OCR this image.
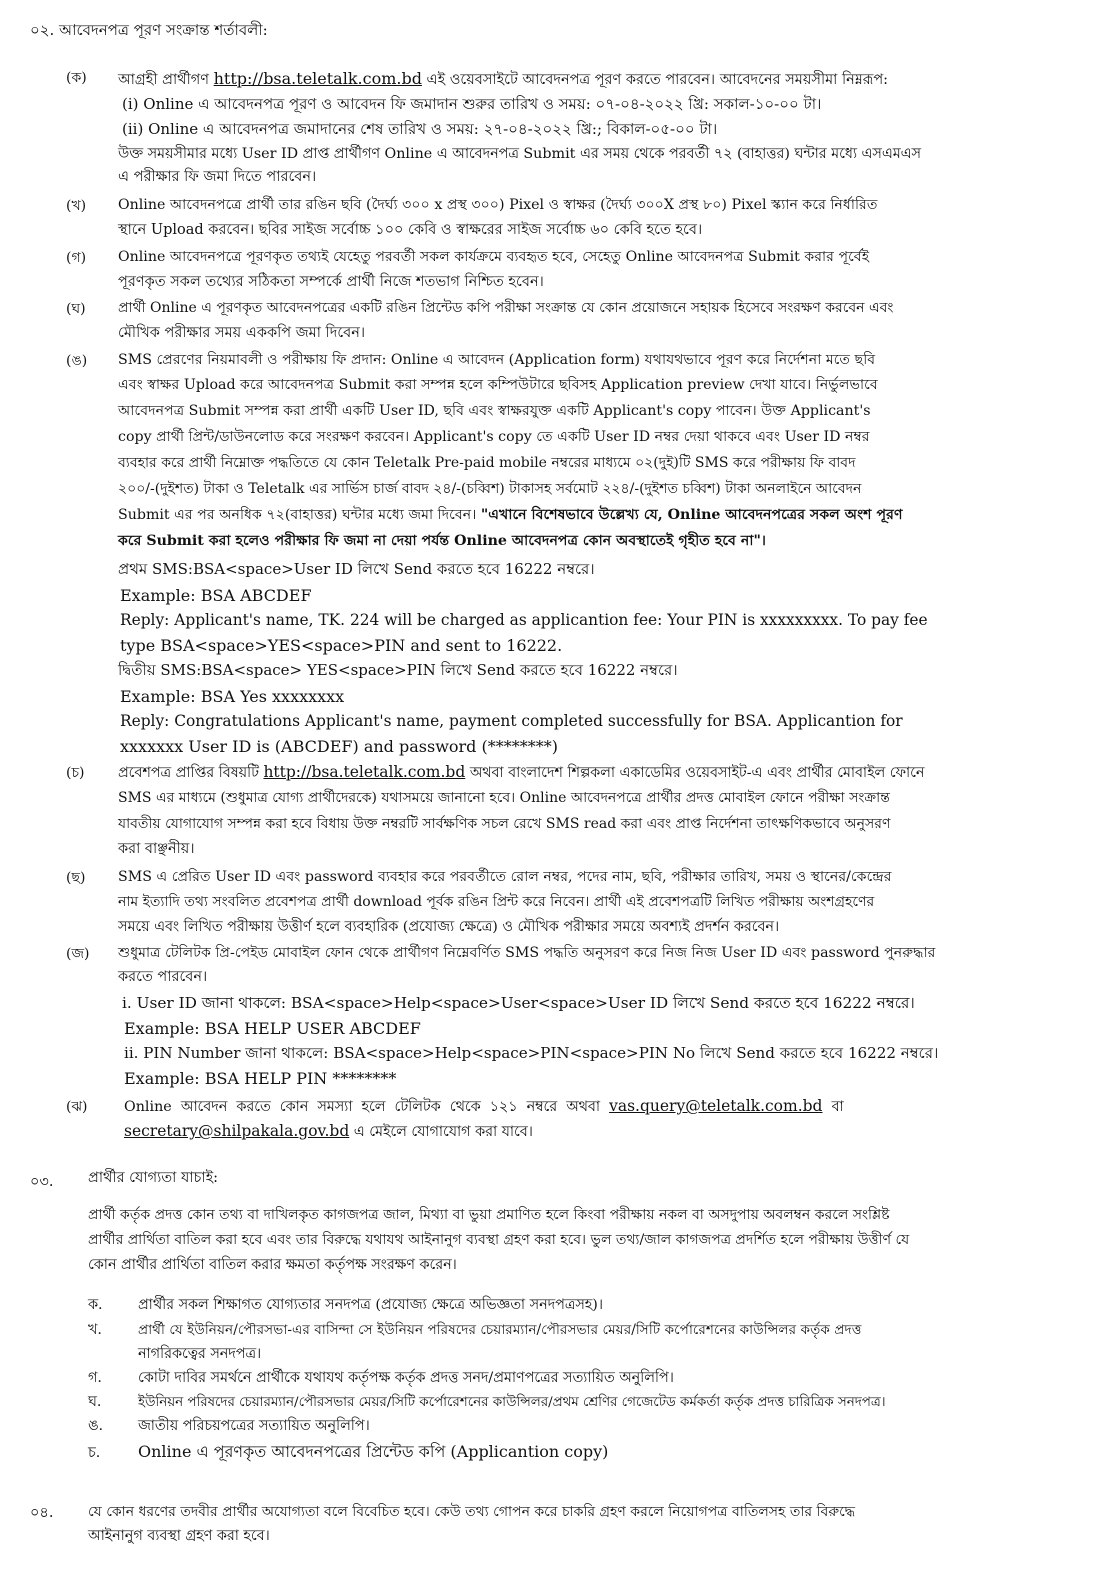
০২. আবেদনপত্র পূরণ সংক্রান্ত শর্তাবলী:
(ক) আগ্রহী প্রার্থীগণ http://bsa.teletalk.com.bd এই ওয়েবসাইটে আবেদনপত্র পূরণ করতে পারবেন। আবেদনের সময়সীমা নিম্নরূপ:
(i) Online এ আবেদনপত্র পূরণ ও আবেদন ফি জমাদান শুরুর তারিখ ও সময়: ০৭-০৪-২০২২ খ্রি: সকাল-১০-০০ টা।
(ii) Online এ আবেদনপত্র জমাদানের শেষ তারিখ ও সময়: ২৭-০৪-২০২২ খ্রি:; বিকাল-০৫-০০ টা।
উক্ত সময়সীমার মধ্যে User ID প্রাপ্ত প্রার্থীগণ Online এ আবেদনপত্র Submit এর সময় থেকে পরবর্তী ৭২ (বাহাত্তর) ঘন্টার মধ্যে এসএমএস
এ পরীক্ষার ফি জমা দিতে পারবেন।
(খ) Online আবেদনপত্রে প্রার্থী তার রঙিন ছবি (দৈর্ঘ্য ৩০০ x প্রস্থ ৩০০) Pixel ও স্বাক্ষর (দৈর্ঘ্য ৩০০X প্রস্থ ৮০) Pixel স্ক্যান করে নির্ধারিত
স্থানে Upload করবেন। ছবির সাইজ সর্বোচ্চ ১০০ কেবি ও স্বাক্ষরের সাইজ সর্বোচ্চ ৬০ কেবি হতে হবে।
(গ) Online আবেদনপত্রে পূরণকৃত তথ্যই যেহেতু পরবর্তী সকল কার্যক্রমে ব্যবহৃত হবে, সেহেতু Online আবেদনপত্র Submit করার পূর্বেই
পূরণকৃত সকল তথ্যের সঠিকতা সম্পর্কে প্রার্থী নিজে শতভাগ নিশ্চিত হবেন।
(ঘ) প্রার্থী Online এ পূরণকৃত আবেদনপত্রের একটি রঙিন প্রিন্টেড কপি পরীক্ষা সংক্রান্ত যে কোন প্রয়োজনে সহায়ক হিসেবে সংরক্ষণ করবেন এবং
মৌখিক পরীক্ষার সময় এককপি জমা দিবেন।
(ঙ) SMS প্রেরণের নিয়মাবলী ও পরীক্ষায় ফি প্রদান: Online এ আবেদন (Application form) যথাযথভাবে পূরণ করে নির্দেশনা মতে ছবি
এবং স্বাক্ষর Upload করে আবেদনপত্র Submit করা সম্পন্ন হলে কম্পিউটারে ছবিসহ Application preview দেখা যাবে। নির্ভুলভাবে
আবেদনপত্র Submit সম্পন্ন করা প্রার্থী একটি User ID, ছবি এবং স্বাক্ষরযুক্ত একটি Applicant's copy পাবেন। উক্ত Applicant's
copy প্রার্থী প্রিন্ট/ডাউনলোড করে সংরক্ষণ করবেন। Applicant's copy তে একটি User ID নম্বর দেয়া থাকবে এবং User ID নম্বর
ব্যবহার করে প্রার্থী নিম্নোক্ত পদ্ধতিতে যে কোন Teletalk Pre-paid mobile নম্বরের মাধ্যমে ০২(দুই)টি SMS করে পরীক্ষায় ফি বাবদ
২০০/-(দুইশত) টাকা ও Teletalk এর সার্ভিস চার্জ বাবদ ২৪/-(চব্বিশ) টাকাসহ সর্বমোট ২২৪/-(দুইশত চব্বিশ) টাকা অনলাইনে আবেদন
Submit এর পর অনধিক ৭২(বাহাত্তর) ঘন্টার মধ্যে জমা দিবেন। "এখানে বিশেষভাবে উল্লেখ্য যে, Online আবেদনপত্রের সকল অংশ পূরণ
করে Submit করা হলেও পরীক্ষার ফি জমা না দেয়া পর্যন্ত Online আবেদনপত্র কোন অবস্থাতেই গৃহীত হবে না"।
প্রথম SMS:BSA<space>User ID লিখে Send করতে হবে 16222 নম্বরে।
Example: BSA ABCDEF
Reply: Applicant's name, TK. 224 will be charged as applicantion fee: Your PIN is xxxxxxxxx. To pay fee
type BSA<space>YES<space>PIN and sent to 16222.
দ্বিতীয় SMS:BSA<space> YES<space>PIN লিখে Send করতে হবে 16222 নম্বরে।
Example: BSA Yes xxxxxxxx
Reply: Congratulations Applicant's name, payment completed successfully for BSA. Applicantion for
xxxxxxx User ID is (ABCDEF) and password (********)
(চ) প্রবেশপত্র প্রাপ্তির বিষয়টি http://bsa.teletalk.com.bd অথবা বাংলাদেশ শিল্পকলা একাডেমির ওয়েবসাইট-এ এবং প্রার্থীর মোবাইল ফোনে
SMS এর মাধ্যমে (শুধুমাত্র যোগ্য প্রার্থীদেরকে) যথাসময়ে জানানো হবে। Online আবেদনপত্রে প্রার্থীর প্রদত্ত মোবাইল ফোনে পরীক্ষা সংক্রান্ত
যাবতীয় যোগাযোগ সম্পন্ন করা হবে বিধায় উক্ত নম্বরটি সার্বক্ষণিক সচল রেখে SMS read করা এবং প্রাপ্ত নির্দেশনা তাৎক্ষণিকভাবে অনুসরণ
করা বাঞ্ছনীয়।
(ছ) SMS এ প্রেরিত User ID এবং password ব্যবহার করে পরবর্তীতে রোল নম্বর, পদের নাম, ছবি, পরীক্ষার তারিখ, সময় ও স্থানের/কেন্দ্রের
নাম ইত্যাদি তথ্য সংবলিত প্রবেশপত্র প্রার্থী download পূর্বক রঙিন প্রিন্ট করে নিবেন। প্রার্থী এই প্রবেশপত্রটি লিখিত পরীক্ষায় অংশগ্রহণের
সময়ে এবং লিখিত পরীক্ষায় উত্তীর্ণ হলে ব্যবহারিক (প্রযোজ্য ক্ষেত্রে) ও মৌখিক পরীক্ষার সময়ে অবশ্যই প্রদর্শন করবেন।
(জ) শুধুমাত্র টেলিটক প্রি-পেইড মোবাইল ফোন থেকে প্রার্থীগণ নিম্নেবর্ণিত SMS পদ্ধতি অনুসরণ করে নিজ নিজ User ID এবং password পুনরুদ্ধার
করতে পারবেন।
i. User ID জানা থাকলে: BSA<space>Help<space>User<space>User ID লিখে Send করতে হবে 16222 নম্বরে।
Example: BSA HELP USER ABCDEF
ii. PIN Number জানা থাকলে: BSA<space>Help<space>PIN<space>PIN No লিখে Send করতে হবে 16222 নম্বরে।
Example: BSA HELP PIN ********
(ঝ)	Online  আবেদন  করতে  কোন  সমস্যা  হলে  টেলিটক  থেকে  ১২১  নম্বরে  অথবা  vas.query@teletalk.com.bd  বা
secretary@shilpakala.gov.bd এ মেইলে যোগাযোগ করা যাবে।
০৩. প্রার্থীর যোগ্যতা যাচাই:
প্রার্থী কর্তৃক প্রদত্ত কোন তথ্য বা দাখিলকৃত কাগজপত্র জাল, মিথ্যা বা ভুয়া প্রমাণিত হলে কিংবা পরীক্ষায় নকল বা অসদুপায় অবলম্বন করলে সংশ্লিষ্ট
প্রার্থীর প্রার্থিতা বাতিল করা হবে এবং তার বিরুদ্ধে যথাযথ আইনানুগ ব্যবস্থা গ্রহণ করা হবে। ভুল তথ্য/জাল কাগজপত্র প্রদর্শিত হলে পরীক্ষায় উত্তীর্ণ যে
কোন প্রার্থীর প্রার্থিতা বাতিল করার ক্ষমতা কর্তৃপক্ষ সংরক্ষণ করেন।
ক. প্রার্থীর সকল শিক্ষাগত যোগ্যতার সনদপত্র (প্রযোজ্য ক্ষেত্রে অভিজ্ঞতা সনদপত্রসহ)।
খ.	প্রার্থী যে ইউনিয়ন/পৌরসভা-এর বাসিন্দা সে ইউনিয়ন পরিষদের চেয়ারম্যান/পৌরসভার মেয়র/সিটি কর্পোরেশনের কাউন্সিলর কর্তৃক প্রদত্ত
নাগরিকত্বের সনদপত্র।
গ.	কোটা দাবির সমর্থনে প্রার্থীকে যথাযথ কর্তৃপক্ষ কর্তৃক প্রদত্ত সনদ/প্রমাণপত্রের সত্যায়িত অনুলিপি।
ঘ.	ইউনিয়ন পরিষদের চেয়ারম্যান/পৌরসভার মেয়র/সিটি কর্পোরেশনের কাউন্সিলর/প্রথম শ্রেণির গেজেটেড কর্মকর্তা কর্তৃক প্রদত্ত চারিত্রিক সনদপত্র।
ঙ. জাতীয় পরিচয়পত্রের সত্যায়িত অনুলিপি।
চ. Online এ পূরণকৃত আবেদনপত্রের প্রিন্টেড কপি (Applicantion copy)
০৪. যে কোন ধরণের তদবীর প্রার্থীর অযোগ্যতা বলে বিবেচিত হবে। কেউ তথ্য গোপন করে চাকরি গ্রহণ করলে নিয়োগপত্র বাতিলসহ তার বিরুদ্ধে
আইনানুগ ব্যবস্থা গ্রহণ করা হবে।
